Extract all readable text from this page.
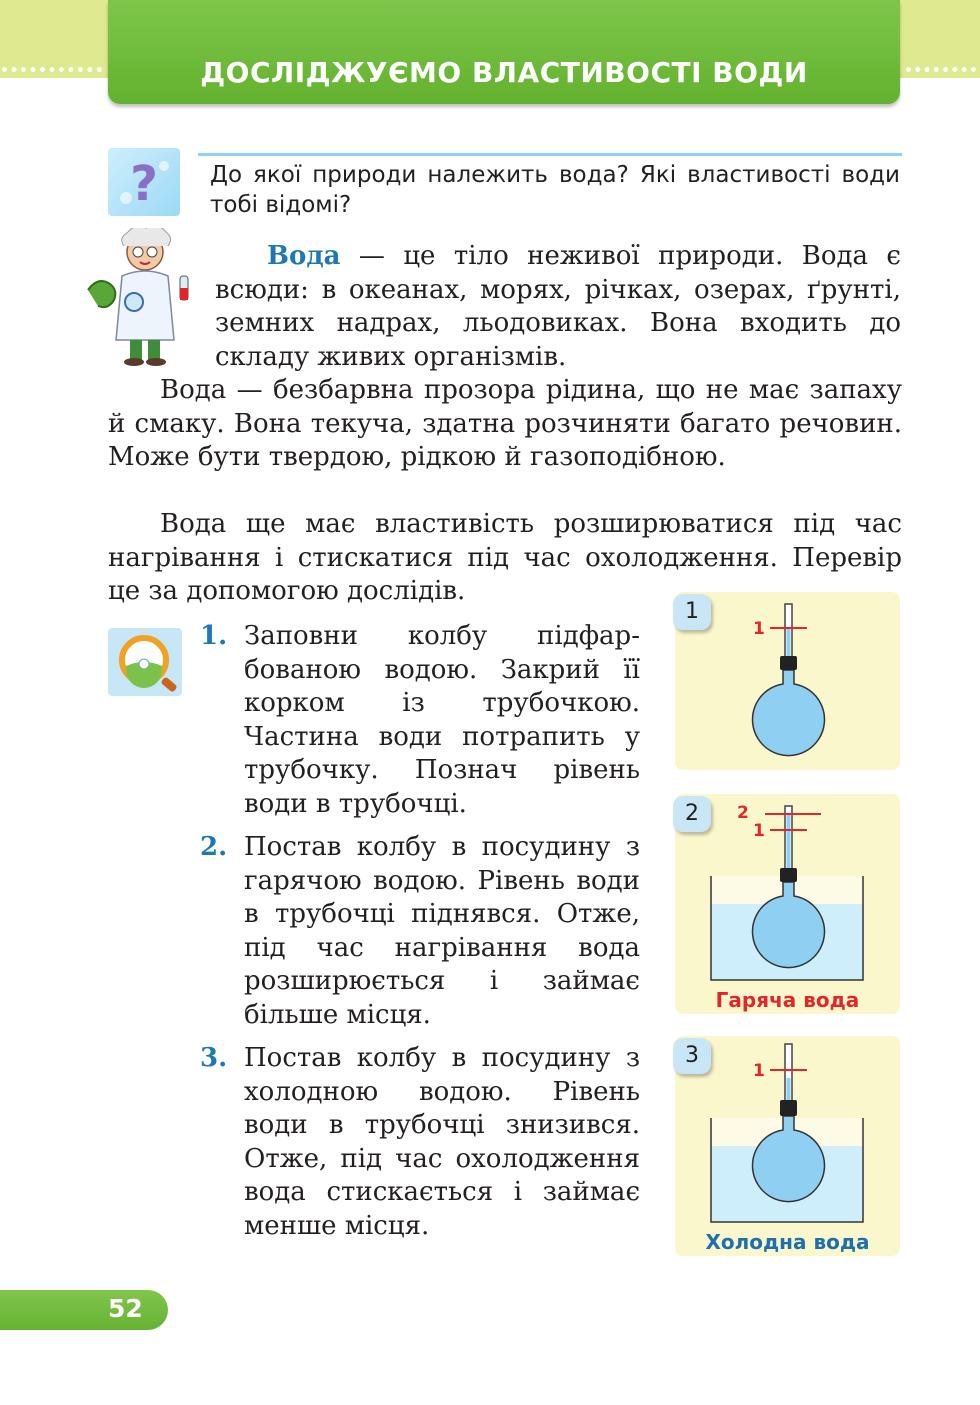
ДОСЛІДЖУЄМО ВЛАСТИВОСТІ ВОДИ
? До якої природи належить вода? Які властивості води тобі відомі?

Вода — це тіло неживої природи. Вода є всюди: в океанах, морях, річках, озерах, ґрунті, земних надрах, льодовиках. Вона входить до складу живих організмів.

Вода — безбарвна прозора рідина, що не має запаху й смаку. Вона текуча, здатна розчиняти багато речовин. Може бути твердою, рідкою й газоподібною.

Вода ще має властивість розширюватися під час нагрівання і стискатися під час охолодження. Перевір це за допомогою дослідів.

1. Заповни колбу підфарбованою водою. Закрий її корком із трубочкою. Частина води потрапить у трубочку. Познач рівень води в трубочці.

2. Постав колбу в посудину з гарячою водою. Рівень води в трубочці піднявся. Отже, під час нагрівання вода розширюється і займає більше місця.

3. Постав колбу в посудину з холодною водою. Рівень води в трубочці знизився. Отже, під час охолодження вода стискається і займає менше місця.

1
1
2
1
2
Гаряча вода
1
3
Холодна вода
52
